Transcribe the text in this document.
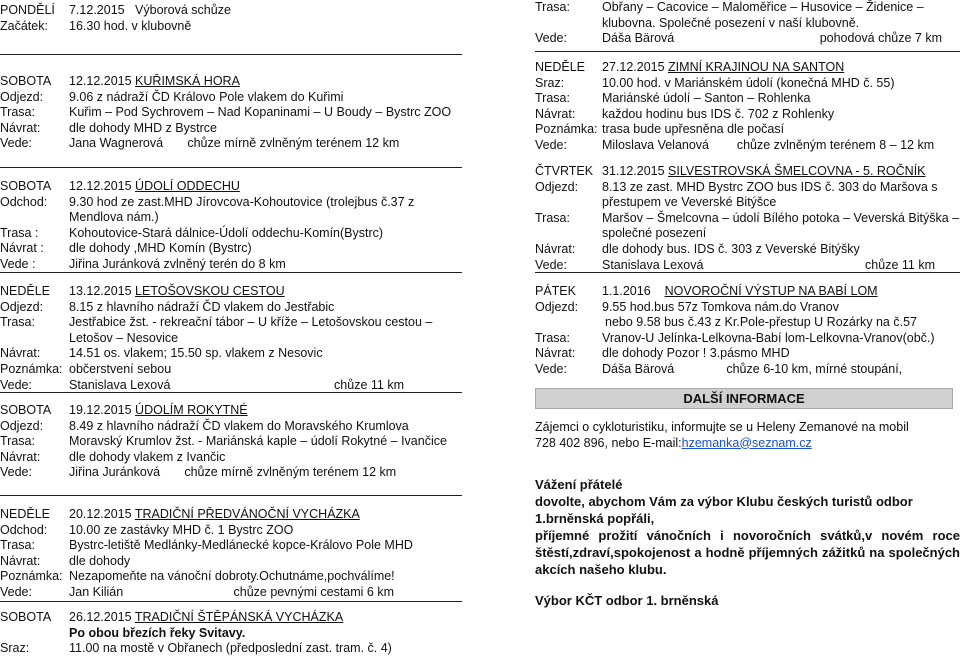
PONDĚLÍ	7.12.2015 Výborová schůze
Začátek:	16.30 hod. v klubovně
SOBOTA	12.12.2015 KUŘIMSKÁ HORA
Odjezd:	9.06 z nádraží ČD Královo Pole vlakem do Kuřimi
Trasa:	Kuřim – Pod Sychrovem – Nad Kopaninami – U Boudy – Bystrc ZOO
Návrat:	dle dohody MHD z Bystrce
Vede:	Jana Wagnerová chůze mírně zvlněným terénem 12 km
SOBOTA	12.12.2015 ÚDOLÍ ODDECHU
Odchod:	9.30 hod ze zast.MHD Jírovcova-Kohoutovice (trolejbus č.37 z Mendlova nám.)
Trasa :	Kohoutovice-Stará dálnice-Údolí oddechu-Komín(Bystrc)
Návrat :	dle dohody ,MHD Komín (Bystrc)
Vede :	Jiřina Juránková zvlněný terén do 8 km
NEDĚLE	13.12.2015 LETOŠOVSKOU CESTOU
Odjezd:	8.15 z hlavního nádraží ČD vlakem do Jestřabic
Trasa:	Jestřabice žst. - rekreační tábor – U kříže – Letošovskou cestou – Letošov – Nesovice
Návrat:	14.51 os. vlakem; 15.50 sp. vlakem z Nesovic
Poznámka: občerstvení sebou
Vede:	Stanislava Lexová	chůze 11 km
SOBOTA	19.12.2015 ÚDOLÍM ROKYTNÉ
Odjezd:	8.49 z hlavního nádraží ČD vlakem do Moravského Krumlova
Trasa:	Moravský Krumlov žst. - Mariánská kaple – údolí Rokytné – Ivančice
Návrat:	dle dohody vlakem z Ivančic
Vede:	Jiřina Juránková chůze mírně zvlněným terénem 12 km
NEDĚLE	20.12.2015 TRADIČNÍ PŘEDVÁNOČNÍ VYCHÁZKA
Odchod:	10.00 ze zastávky MHD č. 1 Bystrc ZOO
Trasa:	Bystrc-letiště Medlánky-Medlánecké kopce-Královo Pole MHD
Návrat:	dle dohody
Poznámka: Nezapomeňte na vánoční dobroty.Ochutnáme,pochválíme!
Vede:	Jan Kilián	chůze pevnými cestami 6 km
SOBOTA	26.12.2015 TRADIČNÍ ŠTĚPÁNSKÁ VYCHÁZKA
Po obou březích řeky Svitavy.
Sraz:	11.00 na mostě v Obřanech (předposlední zast. tram. č. 4)
Trasa:	Obřany – Cacovice – Maloměřice – Husovice – Židenice – klubovna. Společné posezení v naší klubovně.
Vede:	Dáša Bärová	pohodová chůze 7 km
NEDĚLE	27.12.2015 ZIMNÍ KRAJINOU NA SANTON
Sraz:	10.00 hod. v Mariánském údolí (konečná MHD č. 55)
Trasa:	Mariánské údolí – Santon – Rohlenka
Návrat:	každou hodinu bus IDS č. 702 z Rohlenky
Poznámka: trasa bude upřesněna dle počasí
Vede:	Miloslava Velanová chůze zvlněným terénem 8 – 12 km
ČTVRTEK 31.12.2015 SILVESTROVSKÁ ŠMELCOVNA - 5. ROČNÍK
Odjezd:	8.13 ze zast. MHD Bystrc ZOO bus IDS č. 303 do Maršova s přestupem ve Veverské Bitýšce
Trasa:	Maršov – Šmelcovna – údolí Bílého potoka – Veverská Bitýška – společné posezení
Návrat:	dle dohody bus. IDS č. 303 z Veverské Bitýšky
Vede:	Stanislava Lexová	chůze 11 km
PÁTEK	1.1.2016 NOVOROČNÍ VÝSTUP NA BABÍ LOM
Odjezd:	9.55 hod.bus 57z Tomkova nám.do Vranov
nebo 9.58 bus č.43 z Kr.Pole-přestup U Rozárky na č.57
Trasa:	Vranov-U Jelínka-Lelkovna-Babí lom-Lelkovna-Vranov(obč.)
Návrat:	dle dohody Pozor ! 3.pásmo MHD
Vede:	Dáša Bärová	chůze 6-10 km, mírné stoupání,
DALŠÍ INFORMACE
Zájemci o cykloturistiku, informujte se u Heleny Zemanové na mobil
728 402 896, nebo E-mail: hzemanka@seznam.cz
Vážení přátelé
dovolte, abychom Vám za výbor Klubu českých turistů odbor 1.brněnská popřáli,
příjemné prožití vánočních i novoročních svátků,v novém roce štěstí,zdraví,spokojenost a hodně příjemných zážitků na společných akcích našeho klubu.
Výbor KČT odbor 1. brněnská
